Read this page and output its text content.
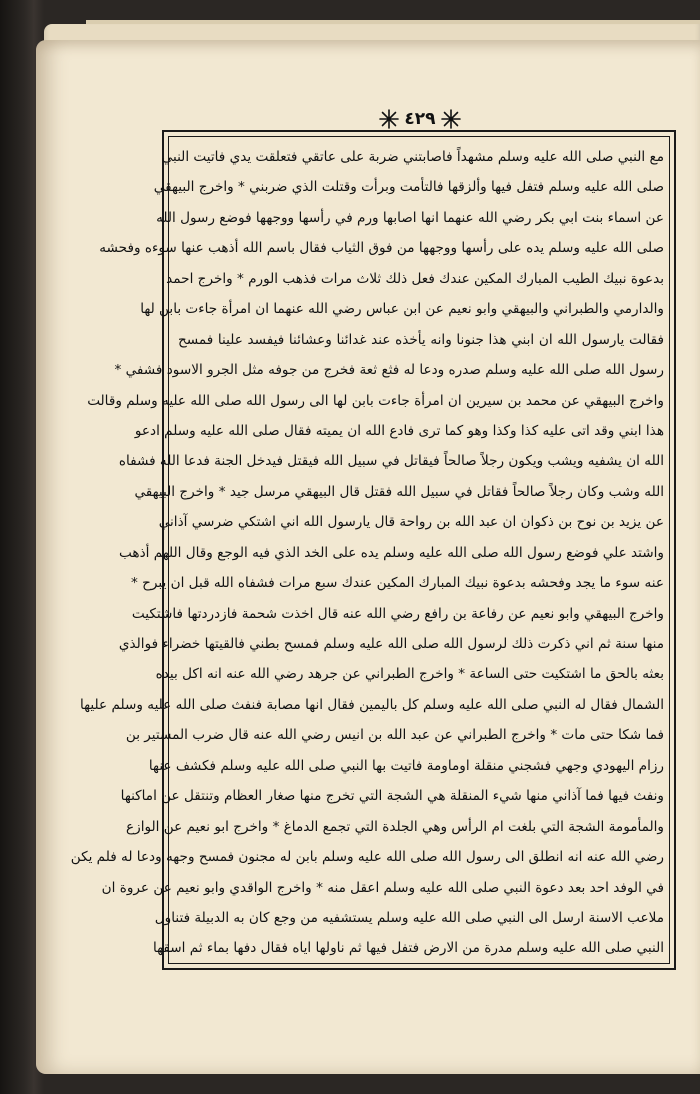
٤٢٩
مع النبي صلى الله عليه وسلم مشهداً فاصابتني ضربة على عاتقي فتعلقت يدي فاتيت النبي
صلى الله عليه وسلم فتفل فيها وألزقها فالتأمت وبرأت وقتلت الذي ضربني * واخرج البيهقي
عن اسماء بنت ابي بكر رضي الله عنهما انها اصابها ورم في رأسها ووجهها فوضع رسول الله
صلى الله عليه وسلم يده على رأسها ووجهها من فوق الثياب فقال باسم الله أذهب عنها سوءه وفحشه
بدعوة نبيك الطيب المبارك المكين عندك فعل ذلك ثلاث مرات فذهب الورم * واخرج احمد
والدارمي والطبراني والبيهقي وابو نعيم عن ابن عباس رضي الله عنهما ان امرأة جاءت بابن لها
فقالت يارسول الله ان ابني هذا جنونا وانه يأخذه عند غدائنا وعشائنا فيفسد علينا فمسح
رسول الله صلى الله عليه وسلم صدره ودعا له فثع ثعة فخرج من جوفه مثل الجرو الاسود فشفي *
واخرج البيهقي عن محمد بن سيرين ان امرأة جاءت بابن لها الى رسول الله صلى الله عليه وسلم وقالت
هذا ابني وقد اتى عليه كذا وكذا وهو كما ترى فادع الله ان يميته فقال صلى الله عليه وسلم ادعو
الله ان يشفيه ويشب ويكون رجلاً صالحاً فيقاتل في سبيل الله فيقتل فيدخل الجنة فدعا الله فشفاه
الله وشب وكان رجلاً صالحاً فقاتل في سبيل الله فقتل قال البيهقي مرسل جيد * واخرج البيهقي
عن يزيد بن نوح بن ذكوان ان عبد الله بن رواحة قال يارسول الله اني اشتكي ضرسي آذاني
واشتد علي فوضع رسول الله صلى الله عليه وسلم يده على الخد الذي فيه الوجع وقال اللهم أذهب
عنه سوء ما يجد وفحشه بدعوة نبيك المبارك المكين عندك سبع مرات فشفاه الله قبل ان يبرح *
واخرج البيهقي وابو نعيم عن رفاعة بن رافع رضي الله عنه قال اخذت شحمة فازدردتها فاشتكيت
منها سنة ثم اني ذكرت ذلك لرسول الله صلى الله عليه وسلم فمسح بطني فالقيتها خضراء فوالذي
بعثه بالحق ما اشتكيت حتى الساعة * واخرج الطبراني عن جرهد رضي الله عنه انه اكل بيده
الشمال فقال له النبي صلى الله عليه وسلم كل باليمين فقال انها مصابة فنفث صلى الله عليه وسلم عليها
فما شكا حتى مات * واخرج الطبراني عن عبد الله بن انيس رضي الله عنه قال ضرب المستير بن
رزام اليهودي وجهي فشجني منقلة اوماومة فاتيت بها النبي صلى الله عليه وسلم فكشف عنها
ونفث فيها فما آذاني منها شيء المنقلة هي الشجة التي تخرج منها صغار العظام وتنتقل عن اماكنها
والمأمومة الشجة التي بلغت ام الرأس وهي الجلدة التي تجمع الدماغ * واخرج ابو نعيم عن الوازع
رضي الله عنه انه انطلق الى رسول الله صلى الله عليه وسلم بابن له مجنون فمسح وجهه ودعا له فلم يكن
في الوفد احد بعد دعوة النبي صلى الله عليه وسلم اعقل منه * واخرج الواقدي وابو نعيم عن عروة ان
ملاعب الاسنة ارسل الى النبي صلى الله عليه وسلم يستشفيه من وجع كان به الدبيلة فتناول
النبي صلى الله عليه وسلم مدرة من الارض فتفل فيها ثم ناولها اياه فقال دفها بماء ثم اسقها
